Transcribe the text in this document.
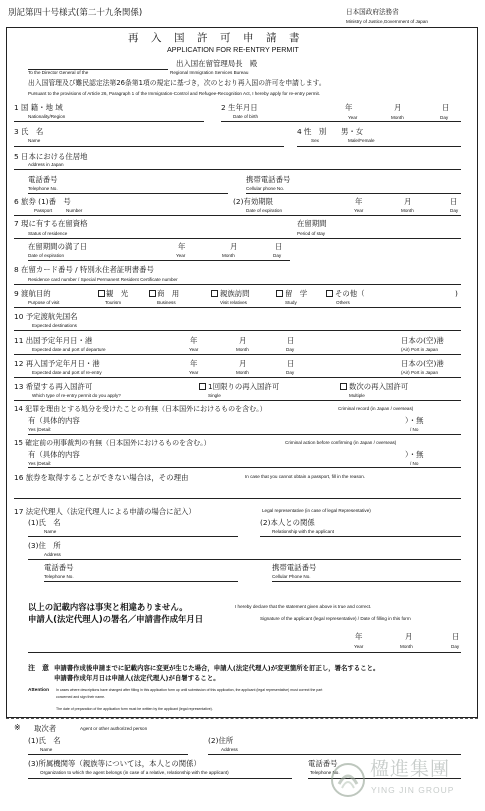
別記第四十号様式(第二十九条関係)	日本国政府法務省
Ministry of Justice,Government of Japan
再　入　国　許　可　申　請　書
APPLICATION FOR RE-ENTRY PERMIT
出入国在留管理局長　殿
To the Director General of the	Regional Immigration Services Bureau
出入国管理及び難民認定法第26条第1項の規定に基づき，次のとおり再入国の許可を申請します。
Pursuant to the provisions of Article 26, Paragraph 1 of the Immigration-Control and Refugee-Recognition Act, I hereby apply for re-entry permit.
1 国 籍・地 域
Nationality/Region
2 生年月日
Date of birth
年	月	日
Year	Month	Day
3 氏　名
Name
4 性　別　　男・女
Sex	Male/Female
5 日本における住居地
Address in Japan
電話番号
Telephone No.
携帯電話番号
Cellular phone No.
6 旅券 (1)番　号
Passport	Number
(2)有効期限
Date of expiration
年	月	日
Year	Month	Day
7 現に有する在留資格
Status of residence
在留期間
Period of stay
在留期間の満了日
Date of expiration
年	月	日
Year	Month	Day
8 在留カード番号 / 特別永住者証明書番号
Residence card number / Special Permanent Resident Certificate number
9 渡航目的
Purpose of visit
観　光
Tourism
商　用
Business
親族訪問
Visit relatives
留　学
Study
その他（
Others
)
10 予定渡航先国名
Expected destinations
11 出国予定年月日・港
Expected date and port of departure
年	月	日
Year	Month	Day
日本の(空)港
(Air) Port in Japan
12 再入国予定年月日・港
Expected date and port of re-entry
年	月	日
Year	Month	Day
日本の(空)港
(Air) Port in Japan
13 希望する再入国許可
Which type of re-entry permit do you apply?
1回限りの再入国許可
Single
数次の再入国許可
Multiple
14 犯罪を理由とする処分を受けたことの有無（日本国外におけるものを含む。）	Criminal record (in Japan / overseas)
有（具体的内容
Yes (Detail:
）・無
/ No
15 確定前の刑事裁判の有無（日本国外におけるものを含む。）	Criminal action before confirming (in Japan / overseas)
有（具体的内容
Yes (Detail:
）・無
/ No
16 旅券を取得することができない場合は，その理由	In case that you cannot obtain a passport, fill in the reason.
17 法定代理人（法定代理人による申請の場合に記入）	Legal representative (in case of legal Representative)
(1)氏　名
Name
(2)本人との関係
Relationship with the applicant
(3)住　所
Address
電話番号
Telephone No.
携帯電話番号
Cellular Phone No.
以上の記載内容は事実と相違ありません。	I hereby declare that the statement given above is true and correct.
申請人(法定代理人)の署名／申請書作成年月日	Signature of the applicant (legal representative) / Date of filling in this form
年	月	日
Year	Month	Day
注　意 申請書作成後申請までに記載内容に変更が生じた場合，申請人(法定代理人)が変更箇所を訂正し，署名すること。
申請書作成年月日は申請人(法定代理人)が自署すること。
Attention In cases where descriptions have changed after filling in this application form up until submission of this application, the applicant (legal representative) must correct the part
concerned and sign their name.
The date of preparation of the application form must be written by the applicant (legal representative).
※ 取次者	Agent or other authorized person
(1)氏　名
Name
(2)住所
Address
(3)所属機関等（親族等については，本人との関係）
Organization to which the agent belongs (in case of a relative, relationship with the applicant)
電話番号
Telephone No. 楹進集團
YING JIN GROUP
